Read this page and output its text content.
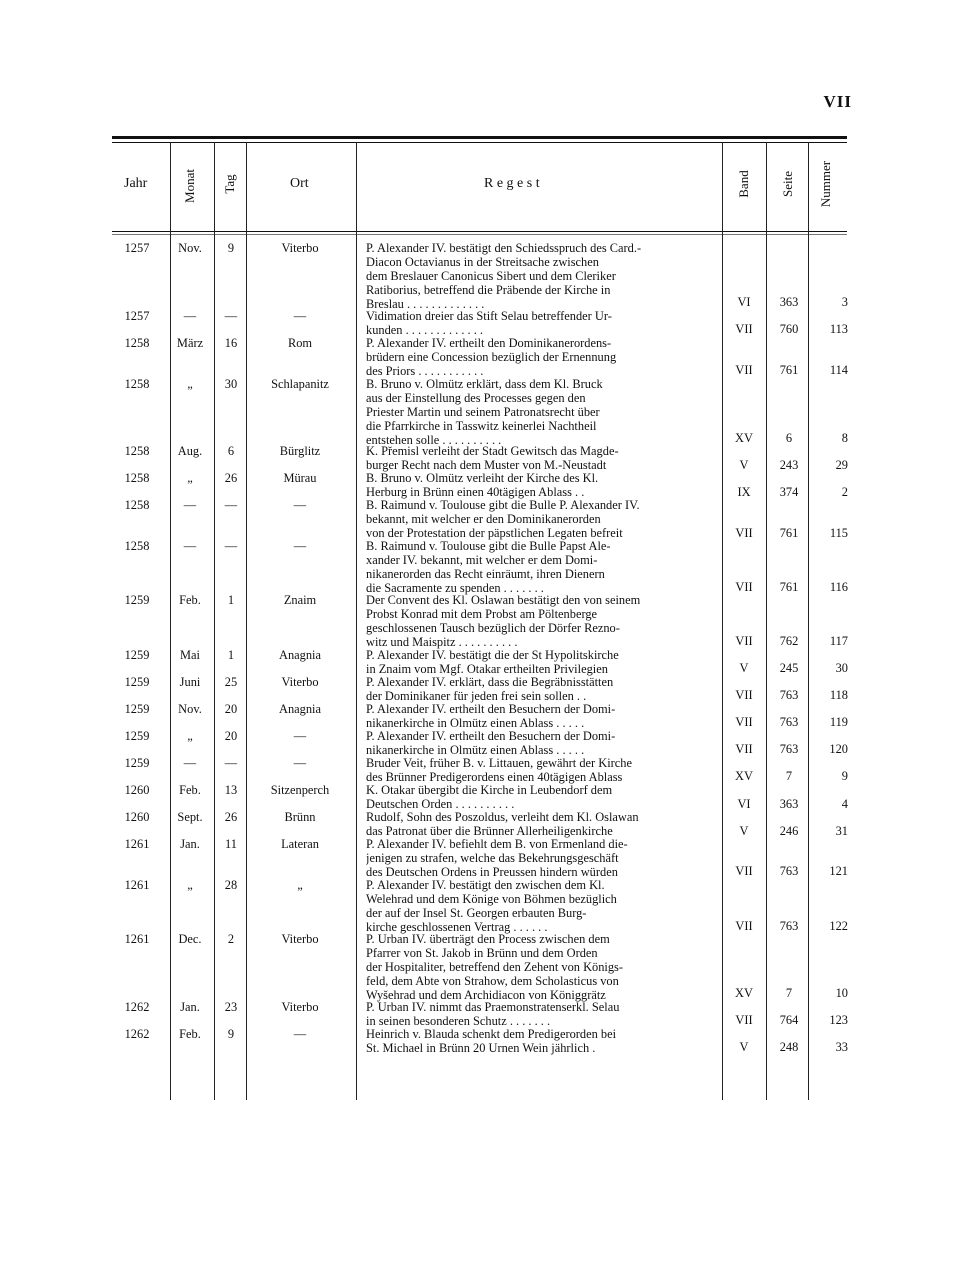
VII
Jahr	Monat Tag	Ort	R e g e s t	Band Seite Nummer
1257	Nov.	9	Viterbo	P. Alexander IV. bestätigt den Schiedsspruch des Card.-
Diacon Octavianus in der Streitsache zwischen
dem Breslauer Canonicus Sibert und dem Cleriker
Ratiborius, betreffend die Präbende der Kirche in
Breslau . . . . . . . . . . . . .	VI	363	3
1257	—	—	—	Vidimation dreier das Stift Selau betreffender Ur-
kunden . . . . . . . . . . . . .	VII	760	113
1258	März	16	Rom	P. Alexander IV. ertheilt den Dominikanerordens-
brüdern eine Concession bezüglich der Ernennung
des Priors . . . . . . . . . . .	VII	761	114
1258	„	30	Schlapanitz	B. Bruno v. Olmütz erklärt, dass dem Kl. Bruck
aus der Einstellung des Processes gegen den
Priester Martin und seinem Patronatsrecht über
die Pfarrkirche in Tasswitz keinerlei Nachtheil
entstehen solle . . . . . . . . . .	XV	6	8
1258	Aug.	6	Bürglitz	K. Přemisl verleiht der Stadt Gewitsch das Magde-
burger Recht nach dem Muster von M.-Neustadt	V	243	29
1258	„	26	Mürau	B. Bruno v. Olmütz verleiht der Kirche des Kl.
Herburg in Brünn einen 40tägigen Ablass . .	IX	374	2
1258	—	—	—	B. Raimund v. Toulouse gibt die Bulle P. Alexander IV.
bekannt, mit welcher er den Dominikanerorden
von der Protestation der päpstlichen Legaten befreit	VII	761	115
1258	—	—	—	B. Raimund v. Toulouse gibt die Bulle Papst Ale-
xander IV. bekannt, mit welcher er dem Domi-
nikanerorden das Recht einräumt, ihren Dienern
die Sacramente zu spenden . . . . . . .	VII	761	116
1259	Feb.	1	Znaim	Der Convent des Kl. Oslawan bestätigt den von seinem
Probst Konrad mit dem Probst am Pöltenberge
geschlossenen Tausch bezüglich der Dörfer Rezno-
witz und Maispitz . . . . . . . . . .	VII	762	117
1259	Mai	1	Anagnia	P. Alexander IV. bestätigt die der St Hypolitskirche
in Znaim vom Mgf. Otakar ertheilten Privilegien	V	245	30
1259	Juni	25	Viterbo	P. Alexander IV. erklärt, dass die Begräbnisstätten
der Dominikaner für jeden frei sein sollen . .	VII	763	118
1259	Nov.	20	Anagnia	P. Alexander IV. ertheilt den Besuchern der Domi-
nikanerkirche in Olmütz einen Ablass . . . . .	VII	763	119
1259	„	20	—	P. Alexander IV. ertheilt den Besuchern der Domi-
nikanerkirche in Olmütz einen Ablass . . . . .	VII	763	120
1259	—	—	—	Bruder Veit, früher B. v. Littauen, gewährt der Kirche
des Brünner Predigerordens einen 40tägigen Ablass	XV	7	9
1260	Feb.	13	Sitzenperch	K. Otakar übergibt die Kirche in Leubendorf dem
Deutschen Orden . . . . . . . . . .	VI	363	4
1260	Sept.	26	Brünn	Rudolf, Sohn des Poszoldus, verleiht dem Kl. Oslawan
das Patronat über die Brünner Allerheiligenkirche	V	246	31
1261	Jan.	11	Lateran	P. Alexander IV. befiehlt dem B. von Ermenland die-
jenigen zu strafen, welche das Bekehrungsgeschäft
des Deutschen Ordens in Preussen hindern würden	VII	763	121
1261	„	28	„	P. Alexander IV. bestätigt den zwischen dem Kl.
Welehrad und dem Könige von Böhmen bezüglich
der auf der Insel St. Georgen erbauten Burg-
kirche geschlossenen Vertrag . . . . . .	VII	763	122
1261	Dec.	2	Viterbo	P. Urban IV. überträgt den Process zwischen dem
Pfarrer von St. Jakob in Brünn und dem Orden
der Hospitaliter, betreffend den Zehent von Königs-
feld, dem Abte von Strahow, dem Scholasticus von
Wyšehrad und dem Archidiacon von Königgrätz	XV	7	10
1262	Jan.	23	Viterbo	P. Urban IV. nimmt das Praemonstratenserkl. Selau
in seinen besonderen Schutz . . . . . . .	VII	764	123
1262	Feb.	9	—	Heinrich v. Blauda schenkt dem Predigerorden bei
St. Michael in Brünn 20 Urnen Wein jährlich .	V	248	33
